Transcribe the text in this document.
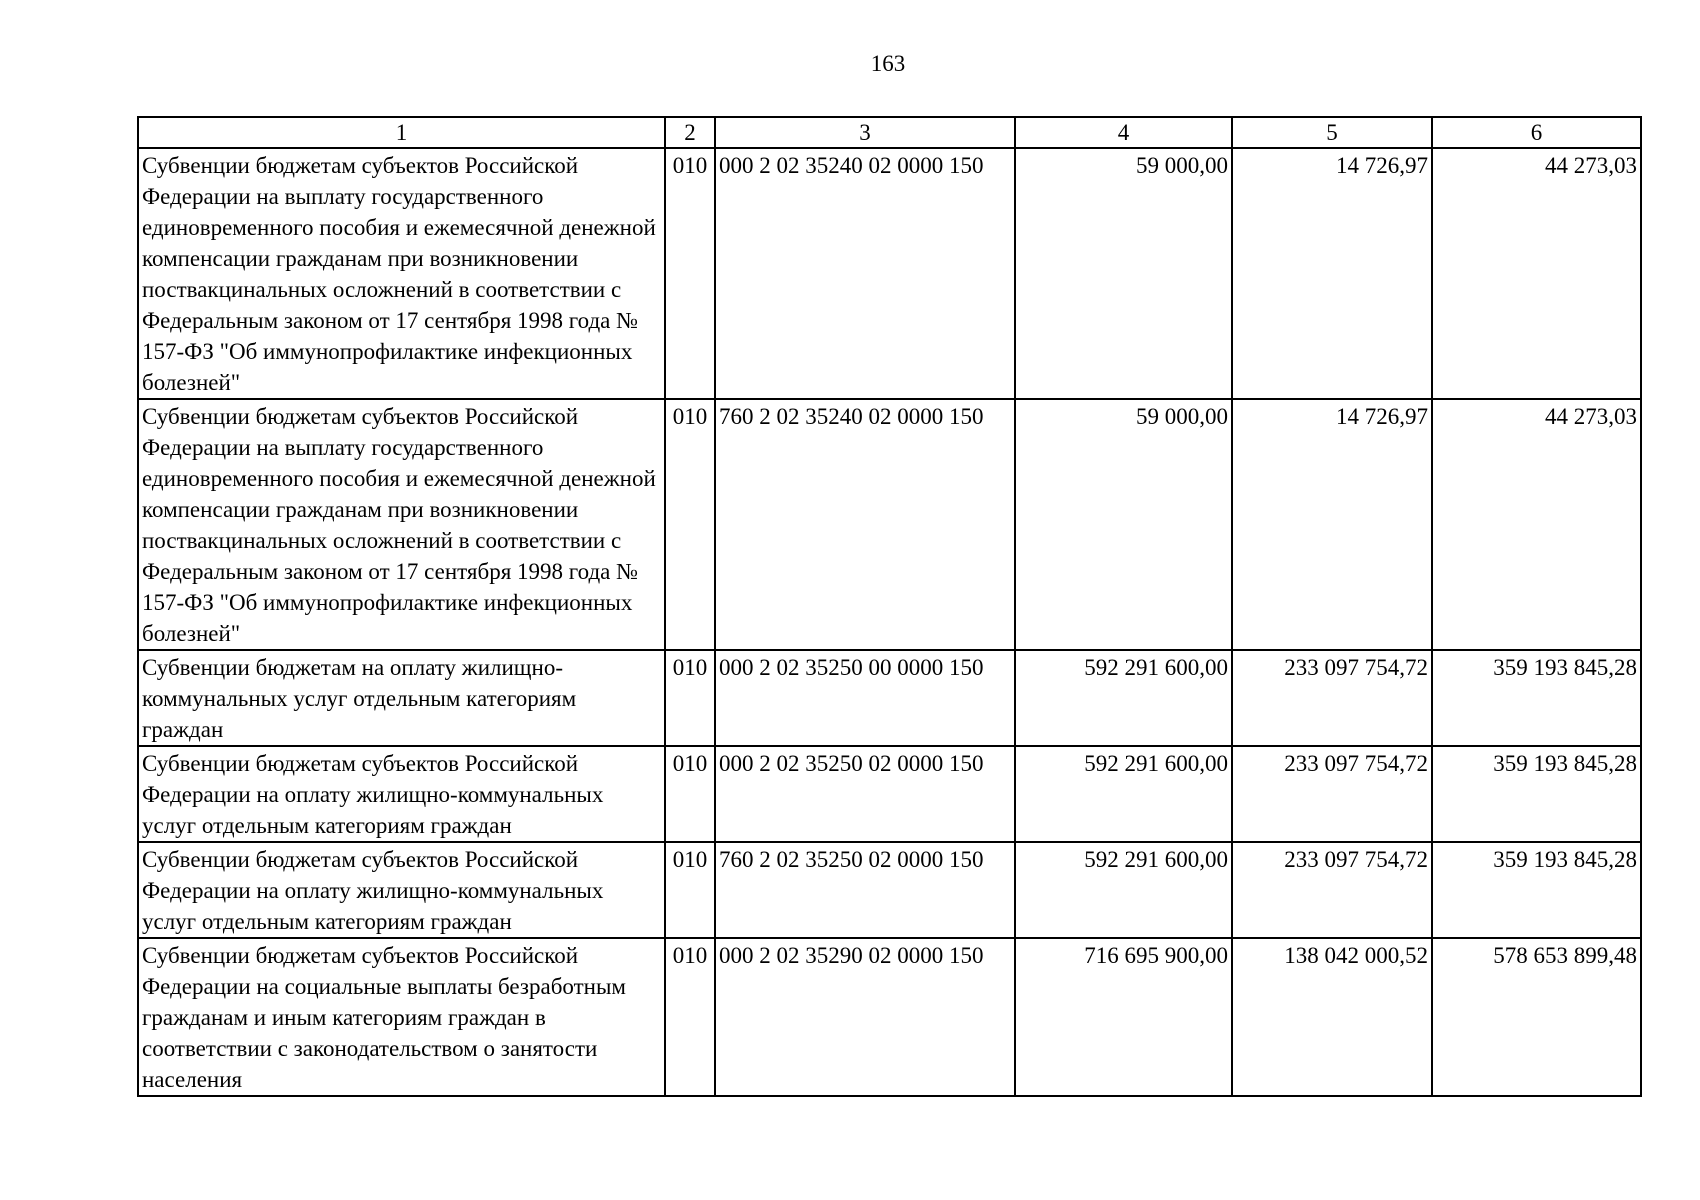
163
1	2	3	4	5	6
Субвенции бюджетам субъектов Российской Федерации на выплату государственного единовременного пособия и ежемесячной денежной компенсации гражданам при возникновении поствакцинальных осложнений в соответствии с Федеральным законом от 17 сентября 1998 года № 157-ФЗ "Об иммунопрофилактике инфекционных болезней"	010	000 2 02 35240 02 0000 150	59 000,00	14 726,97	44 273,03
Субвенции бюджетам субъектов Российской Федерации на выплату государственного единовременного пособия и ежемесячной денежной компенсации гражданам при возникновении поствакцинальных осложнений в соответствии с Федеральным законом от 17 сентября 1998 года № 157-ФЗ "Об иммунопрофилактике инфекционных болезней"	010	760 2 02 35240 02 0000 150	59 000,00	14 726,97	44 273,03
Субвенции бюджетам на оплату жилищно-коммунальных услуг отдельным категориям граждан	010	000 2 02 35250 00 0000 150	592 291 600,00	233 097 754,72	359 193 845,28
Субвенции бюджетам субъектов Российской Федерации на оплату жилищно-коммунальных услуг отдельным категориям граждан	010	000 2 02 35250 02 0000 150	592 291 600,00	233 097 754,72	359 193 845,28
Субвенции бюджетам субъектов Российской Федерации на оплату жилищно-коммунальных услуг отдельным категориям граждан	010	760 2 02 35250 02 0000 150	592 291 600,00	233 097 754,72	359 193 845,28
Субвенции бюджетам субъектов Российской Федерации на социальные выплаты безработным гражданам и иным категориям граждан в соответствии с законодательством о занятости населения	010	000 2 02 35290 02 0000 150	716 695 900,00	138 042 000,52	578 653 899,48
